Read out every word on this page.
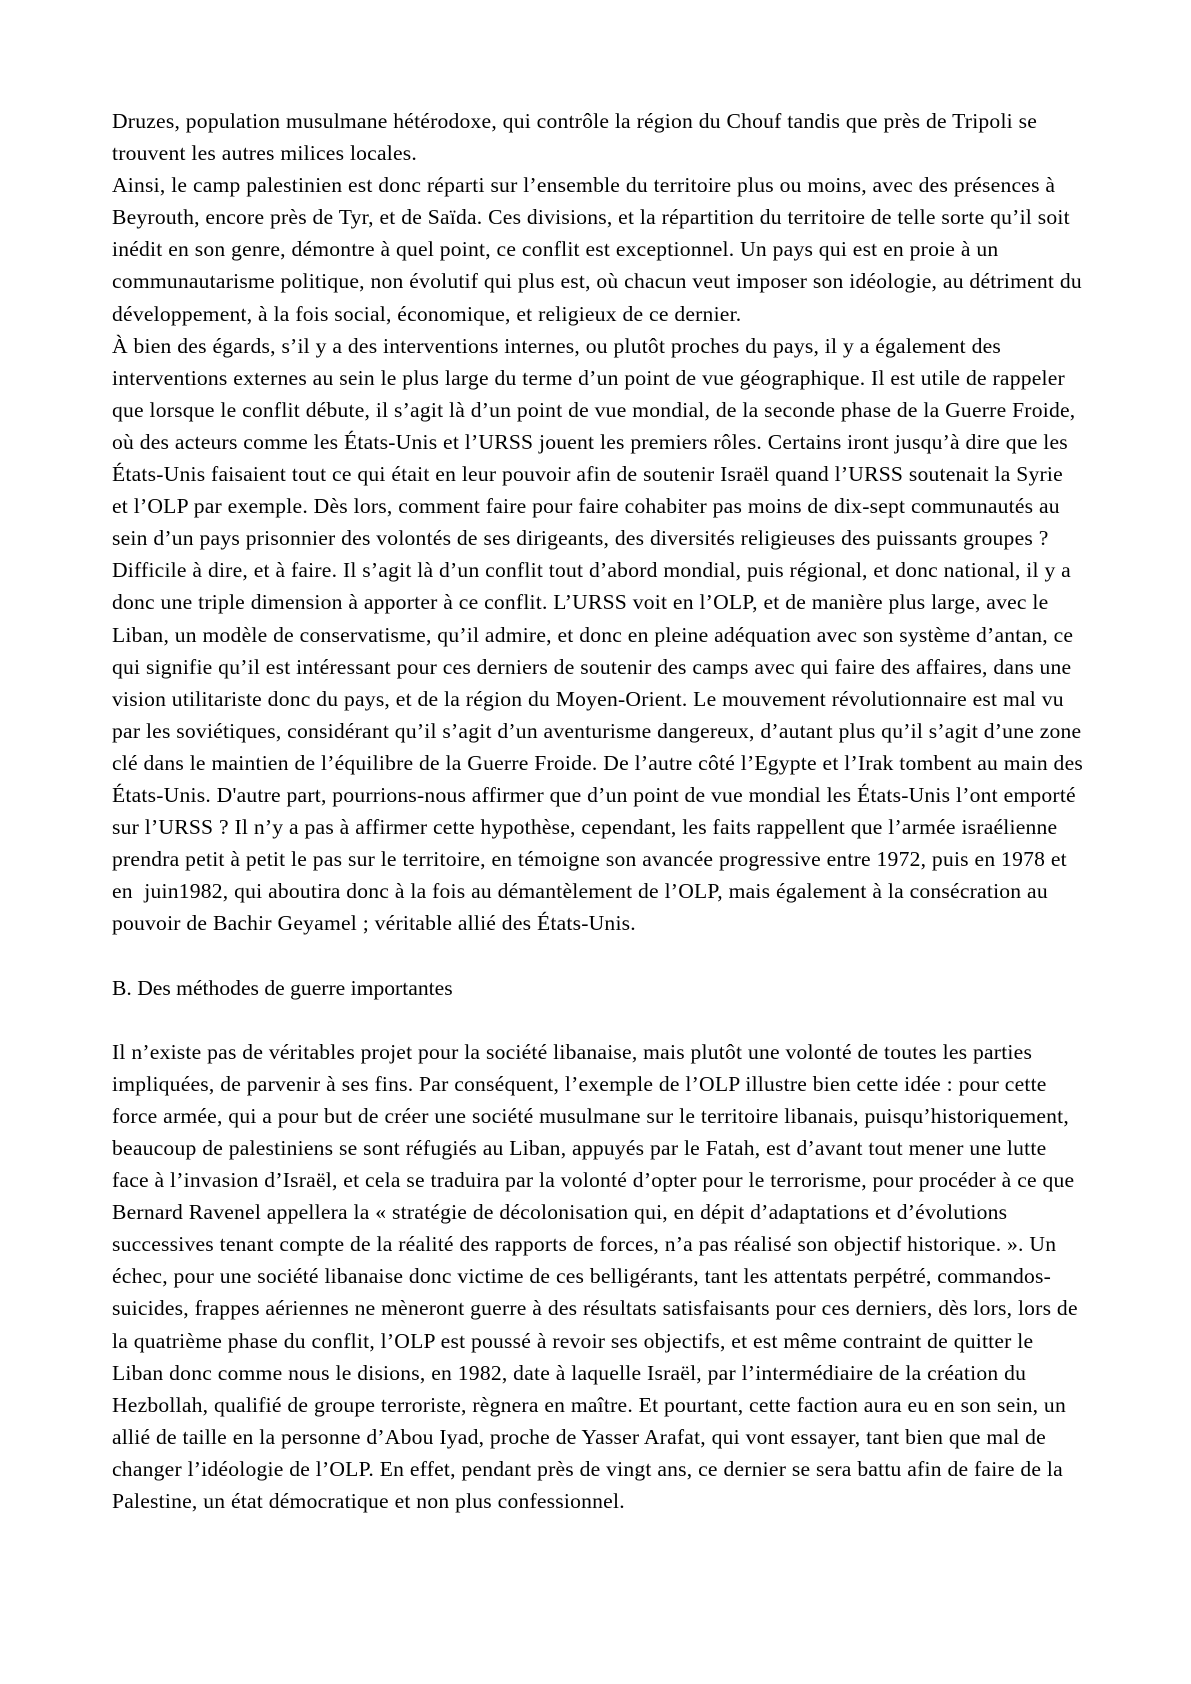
Druzes, population musulmane hétérodoxe, qui contrôle la région du Chouf tandis que près de Tripoli se trouvent les autres milices locales.

Ainsi, le camp palestinien est donc réparti sur l’ensemble du territoire plus ou moins, avec des présences à Beyrouth, encore près de Tyr, et de Saïda. Ces divisions, et la répartition du territoire de telle sorte qu’il soit inédit en son genre, démontre à quel point, ce conflit est exceptionnel. Un pays qui est en proie à un communautarisme politique, non évolutif qui plus est, où chacun veut imposer son idéologie, au détriment du développement, à la fois social, économique, et religieux de ce dernier.

À bien des égards, s’il y a des interventions internes, ou plutôt proches du pays, il y a également des interventions externes au sein le plus large du terme d’un point de vue géographique. Il est utile de rappeler que lorsque le conflit débute, il s’agit là d’un point de vue mondial, de la seconde phase de la Guerre Froide, où des acteurs comme les États-Unis et l’URSS jouent les premiers rôles. Certains iront jusqu’à dire que les États-Unis faisaient tout ce qui était en leur pouvoir afin de soutenir Israël quand l’URSS soutenait la Syrie et l’OLP par exemple. Dès lors, comment faire pour faire cohabiter pas moins de dix-sept communautés au sein d’un pays prisonnier des volontés de ses dirigeants, des diversités religieuses des puissants groupes ? Difficile à dire, et à faire. Il s’agit là d’un conflit tout d’abord mondial, puis régional, et donc national, il y a donc une triple dimension à apporter à ce conflit. L’URSS voit en l’OLP, et de manière plus large, avec le Liban, un modèle de conservatisme, qu’il admire, et donc en pleine adéquation avec son système d’antan, ce qui signifie qu’il est intéressant pour ces derniers de soutenir des camps avec qui faire des affaires, dans une vision utilitariste donc du pays, et de la région du Moyen-Orient. Le mouvement révolutionnaire est mal vu par les soviétiques, considérant qu’il s’agit d’un aventurisme dangereux, d’autant plus qu’il s’agit d’une zone clé dans le maintien de l’équilibre de la Guerre Froide. De l’autre côté l’Egypte et l’Irak tombent au main des États-Unis. D'autre part, pourrions-nous affirmer que d’un point de vue mondial les États-Unis l’ont emporté sur l’URSS ? Il n’y a pas à affirmer cette hypothèse, cependant, les faits rappellent que l’armée israélienne prendra petit à petit le pas sur le territoire, en témoigne son avancée progressive entre 1972, puis en 1978 et en  juin1982, qui aboutira donc à la fois au démantèlement de l’OLP, mais également à la consécration au pouvoir de Bachir Geyamel ; véritable allié des États-Unis.

B. Des méthodes de guerre importantes

Il n’existe pas de véritables projet pour la société libanaise, mais plutôt une volonté de toutes les parties impliquées, de parvenir à ses fins. Par conséquent, l’exemple de l’OLP illustre bien cette idée : pour cette force armée, qui a pour but de créer une société musulmane sur le territoire libanais, puisqu’historiquement, beaucoup de palestiniens se sont réfugiés au Liban, appuyés par le Fatah, est d’avant tout mener une lutte face à l’invasion d’Israël, et cela se traduira par la volonté d’opter pour le terrorisme, pour procéder à ce que Bernard Ravenel appellera la « stratégie de décolonisation qui, en dépit d’adaptations et d’évolutions successives tenant compte de la réalité des rapports de forces, n’a pas réalisé son objectif historique. ». Un échec, pour une société libanaise donc victime de ces belligérants, tant les attentats perpétré, commandos-suicides, frappes aériennes ne mèneront guerre à des résultats satisfaisants pour ces derniers, dès lors, lors de la quatrième phase du conflit, l’OLP est poussé à revoir ses objectifs, et est même contraint de quitter le Liban donc comme nous le disions, en 1982, date à laquelle Israël, par l’intermédiaire de la création du Hezbollah, qualifié de groupe terroriste, règnera en maître. Et pourtant, cette faction aura eu en son sein, un allié de taille en la personne d’Abou Iyad, proche de Yasser Arafat, qui vont essayer, tant bien que mal de changer l’idéologie de l’OLP. En effet, pendant près de vingt ans, ce dernier se sera battu afin de faire de la Palestine, un état démocratique et non plus confessionnel.
